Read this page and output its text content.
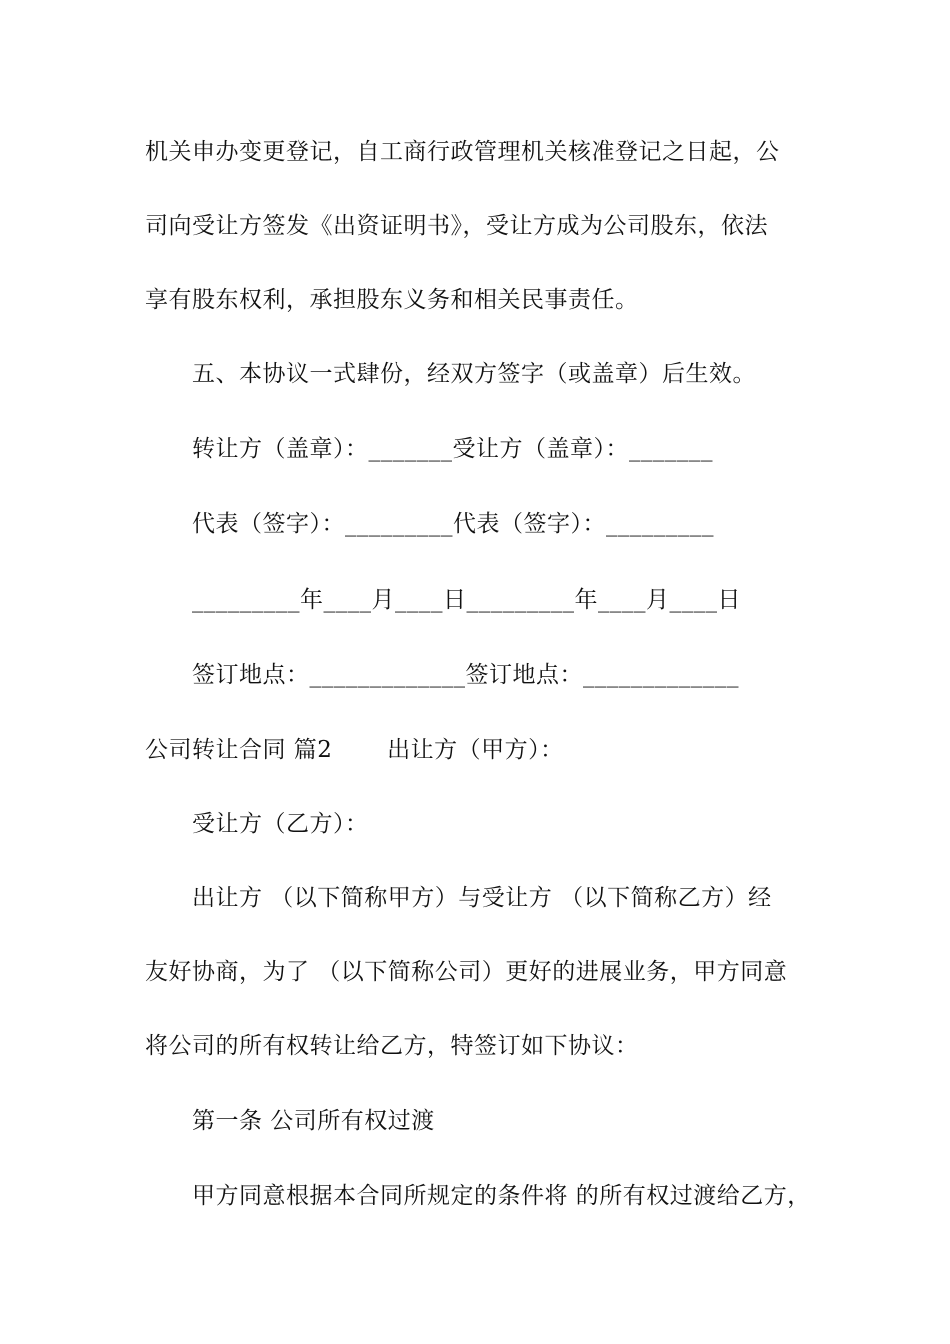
机关申办变更登记，自工商行政管理机关核准登记之日起，公
司向受让方签发《出资证明书》，受让方成为公司股东，依法
享有股东权利，承担股东义务和相关民事责任。
五、本协议一式肆份，经双方签字（或盖章）后生效。
转让方（盖章）：_______受让方（盖章）：_______
代表（签字）：_________代表（签字）：_________
_________年____月____日_________年____月____日
签订地点：_____________签订地点：_____________
公司转让合同 篇2       出让方（甲方）：
受让方（乙方）：
出让方 （以下简称甲方）与受让方 （以下简称乙方）经
友好协商，为了 （以下简称公司）更好的进展业务，甲方同意
将公司的所有权转让给乙方，特签订如下协议：
第一条 公司所有权过渡
甲方同意根据本合同所规定的条件将 的所有权过渡给乙方，
